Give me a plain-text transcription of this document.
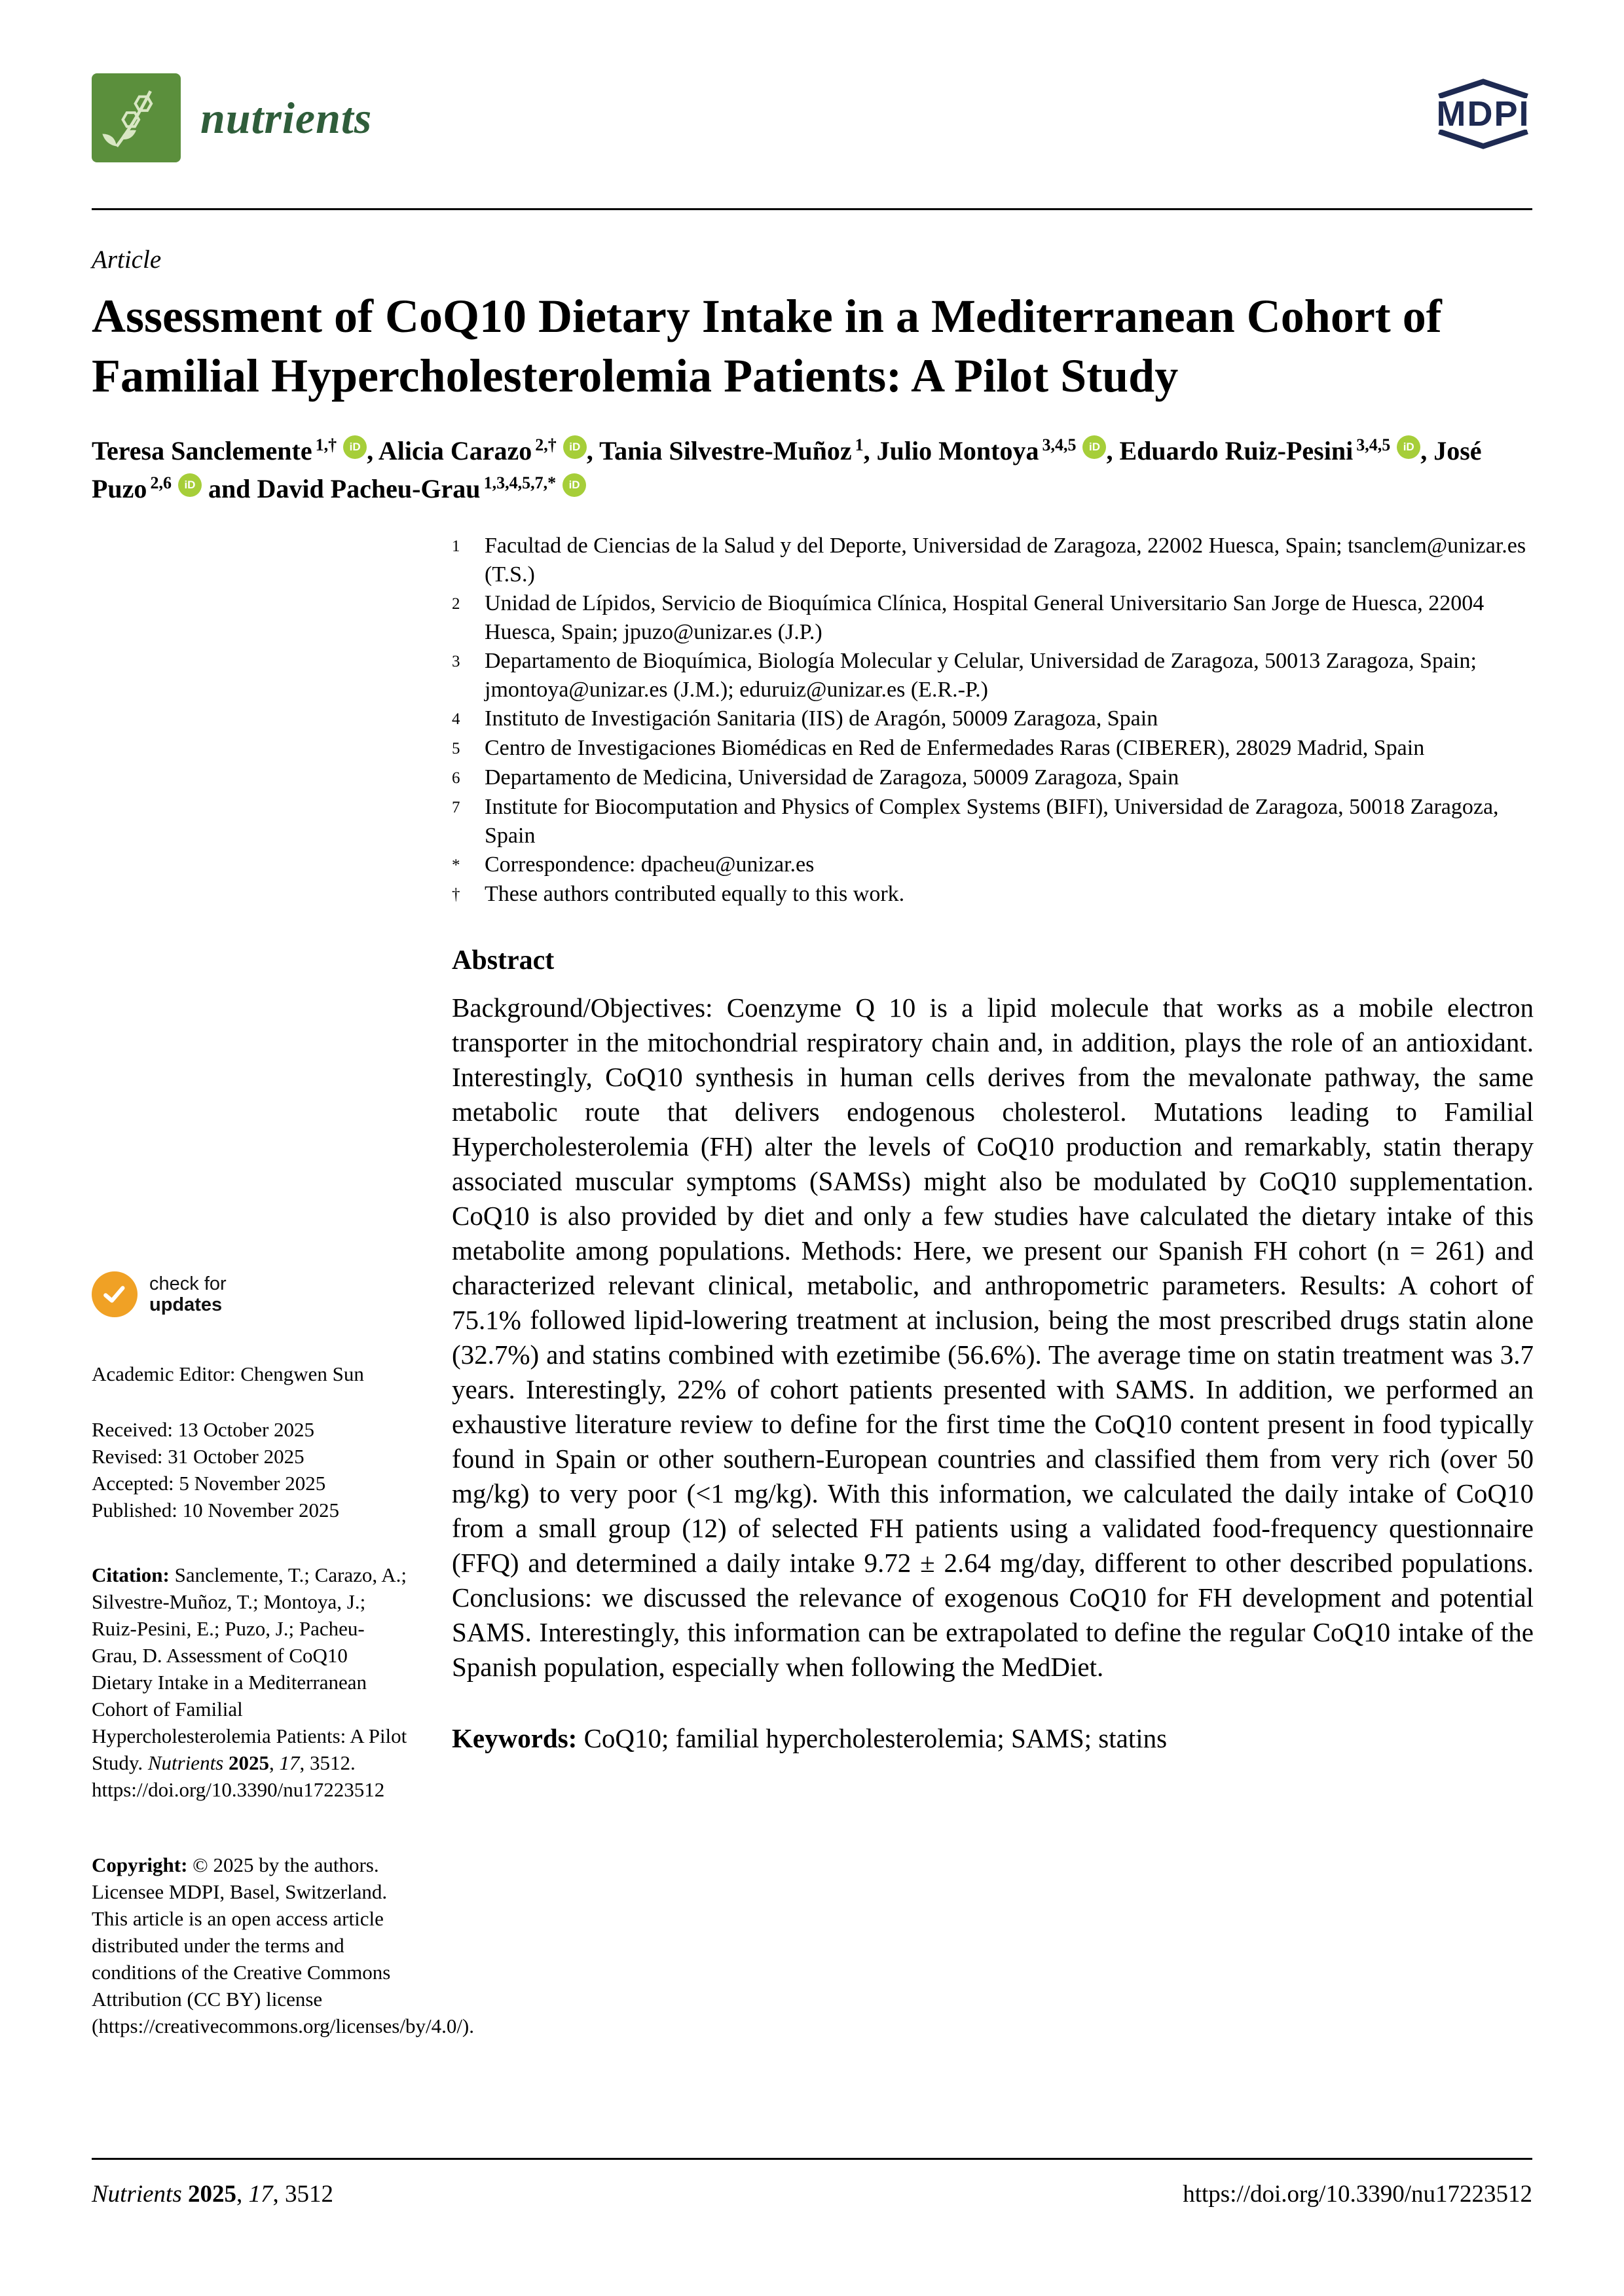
nutrients	MDPI
Article
Assessment of CoQ10 Dietary Intake in a Mediterranean Cohort of Familial Hypercholesterolemia Patients: A Pilot Study

Teresa Sanclemente $^{1,\dagger}$ iD , Alicia Carazo $^{2,\dagger}$ iD , Tania Silvestre-Muñoz $^1$, Julio Montoya $^{3,4,5}$ iD , Eduardo Ruiz-Pesini $^{3,4,5}$ iD , José Puzo $^{2,6}$ iD and David Pacheu-Grau $^{1,3,4,5,7,*}$ iD

check for
updates
Academic Editor: Chengwen Sun
Received: 13 October 2025
Revised: 31 October 2025
Accepted: 5 November 2025
Published: 10 November 2025
Citation: Sanclemente, T.; Carazo, A.; Silvestre-Muñoz, T.; Montoya, J.; Ruiz-Pesini, E.; Puzo, J.; Pacheu-Grau, D. Assessment of CoQ10 Dietary Intake in a Mediterranean Cohort of Familial Hypercholesterolemia Patients: A Pilot Study. Nutrients 2025, 17, 3512. https://doi.org/10.3390/nu17223512
Copyright: © 2025 by the authors. Licensee MDPI, Basel, Switzerland. This article is an open access article distributed under the terms and conditions of the Creative Commons Attribution (CC BY) license (https://creativecommons.org/licenses/by/4.0/).
1	Facultad de Ciencias de la Salud y del Deporte, Universidad de Zaragoza, 22002 Huesca, Spain; tsanclem@unizar.es (T.S.)
2	Unidad de Lípidos, Servicio de Bioquímica Clínica, Hospital General Universitario San Jorge de Huesca, 22004 Huesca, Spain; jpuzo@unizar.es (J.P.)
3	Departamento de Bioquímica, Biología Molecular y Celular, Universidad de Zaragoza, 50013 Zaragoza, Spain; jmontoya@unizar.es (J.M.); eduruiz@unizar.es (E.R.-P.)
4	Instituto de Investigación Sanitaria (IIS) de Aragón, 50009 Zaragoza, Spain
5	Centro de Investigaciones Biomédicas en Red de Enfermedades Raras (CIBERER), 28029 Madrid, Spain
6	Departamento de Medicina, Universidad de Zaragoza, 50009 Zaragoza, Spain
7	Institute for Biocomputation and Physics of Complex Systems (BIFI), Universidad de Zaragoza, 50018 Zaragoza, Spain
*	Correspondence: dpacheu@unizar.es
†	These authors contributed equally to this work.
Abstract

Background/Objectives: Coenzyme Q 10 is a lipid molecule that works as a mobile electron transporter in the mitochondrial respiratory chain and, in addition, plays the role of an antioxidant. Interestingly, CoQ10 synthesis in human cells derives from the mevalonate pathway, the same metabolic route that delivers endogenous cholesterol. Mutations leading to Familial Hypercholesterolemia (FH) alter the levels of CoQ10 production and remarkably, statin therapy associated muscular symptoms (SAMSs) might also be modulated by CoQ10 supplementation. CoQ10 is also provided by diet and only a few studies have calculated the dietary intake of this metabolite among populations. Methods: Here, we present our Spanish FH cohort (n = 261) and characterized relevant clinical, metabolic, and anthropometric parameters. Results: A cohort of 75.1% followed lipid-lowering treatment at inclusion, being the most prescribed drugs statin alone (32.7%) and statins combined with ezetimibe (56.6%). The average time on statin treatment was 3.7 years. Interestingly, 22% of cohort patients presented with SAMS. In addition, we performed an exhaustive literature review to define for the first time the CoQ10 content present in food typically found in Spain or other southern-European countries and classified them from very rich (over 50 mg/kg) to very poor (<1 mg/kg). With this information, we calculated the daily intake of CoQ10 from a small group (12) of selected FH patients using a validated food-frequency questionnaire (FFQ) and determined a daily intake 9.72 ± 2.64 mg/day, different to other described populations. Conclusions: we discussed the relevance of exogenous CoQ10 for FH development and potential SAMS. Interestingly, this information can be extrapolated to define the regular CoQ10 intake of the Spanish population, especially when following the MedDiet.

Keywords: CoQ10; familial hypercholesterolemia; SAMS; statins

Nutrients 2025, 17, 3512	https://doi.org/10.3390/nu17223512
